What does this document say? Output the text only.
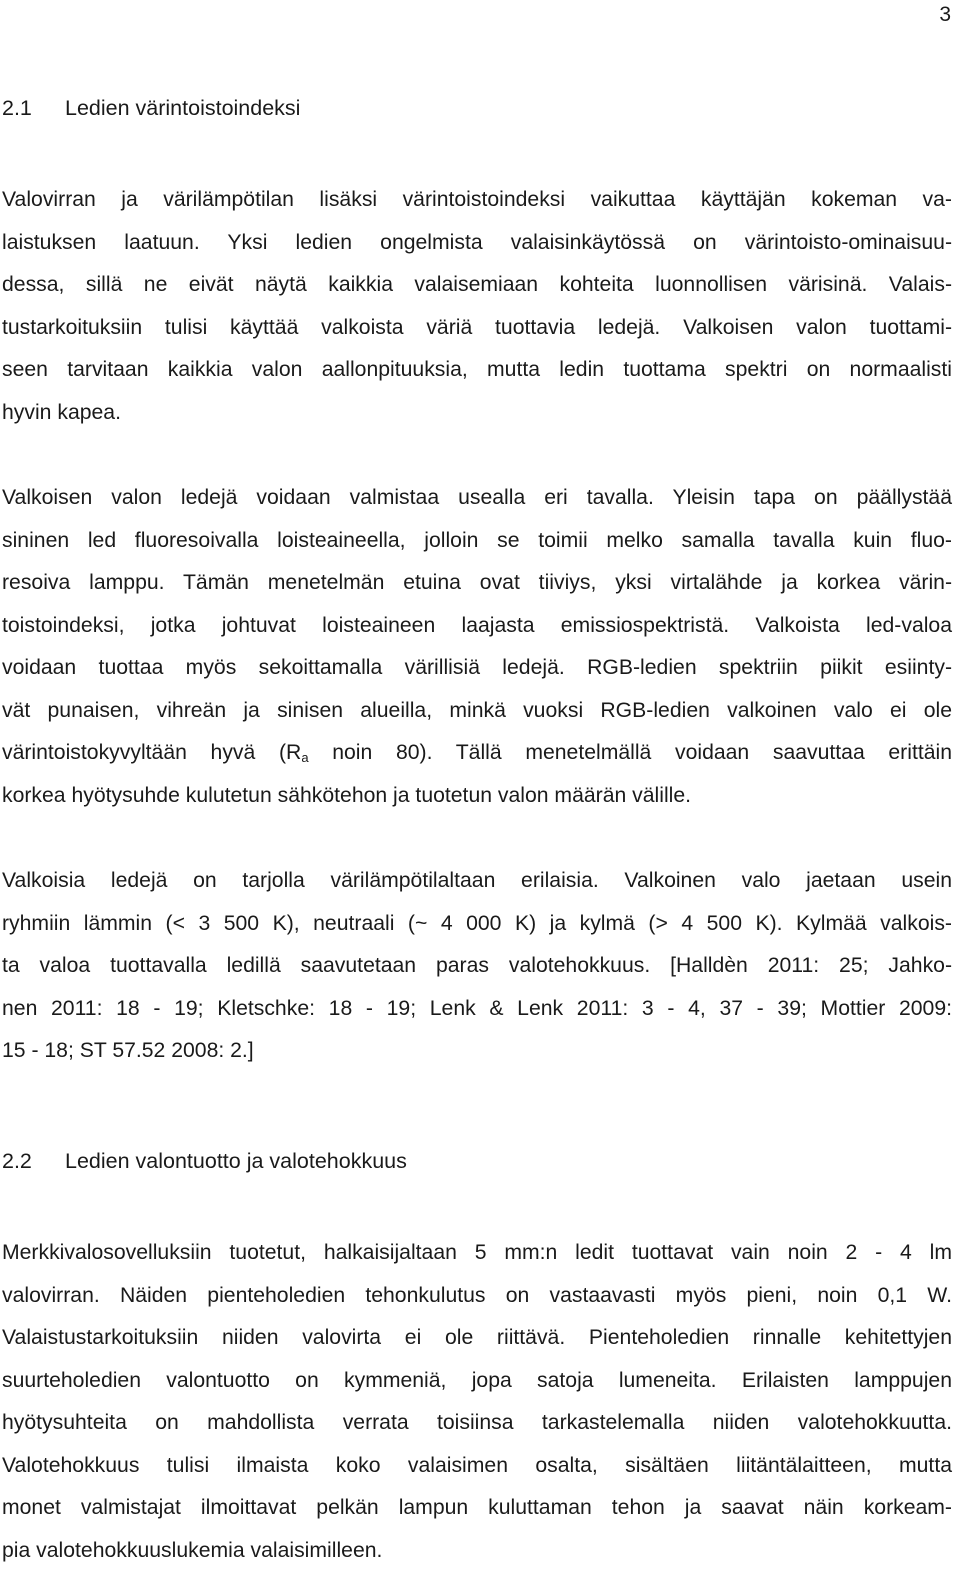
3
2.1 Ledien värintoistoindeksi
Valovirran ja värilämpötilan lisäksi värintoistoindeksi vaikuttaa käyttäjän kokeman va-
laistuksen laatuun. Yksi ledien ongelmista valaisinkäytössä on värintoisto-ominaisuu-
dessa, sillä ne eivät näytä kaikkia valaisemiaan kohteita luonnollisen värisinä. Valais-
tustarkoituksiin tulisi käyttää valkoista väriä tuottavia ledejä. Valkoisen valon tuottami-
seen tarvitaan kaikkia valon aallonpituuksia, mutta ledin tuottama spektri on normaalisti
hyvin kapea.
Valkoisen valon ledejä voidaan valmistaa usealla eri tavalla. Yleisin tapa on päällystää
sininen led fluoresoivalla loisteaineella, jolloin se toimii melko samalla tavalla kuin fluo-
resoiva lamppu. Tämän menetelmän etuina ovat tiiviys, yksi virtalähde ja korkea värin-
toistoindeksi, jotka johtuvat loisteaineen laajasta emissiospektristä. Valkoista led-valoa
voidaan tuottaa myös sekoittamalla värillisiä ledejä. RGB-ledien spektriin piikit esiinty-
vät punaisen, vihreän ja sinisen alueilla, minkä vuoksi RGB-ledien valkoinen valo ei ole
värintoistokyvyltään hyvä ($R_a$ noin 80). Tällä menetelmällä voidaan saavuttaa erittäin
korkea hyötysuhde kulutetun sähkötehon ja tuotetun valon määrän välille.
Valkoisia ledejä on tarjolla värilämpötilaltaan erilaisia. Valkoinen valo jaetaan usein
ryhmiin lämmin (< 3 500 K), neutraali (~ 4 000 K) ja kylmä (> 4 500 K). Kylmää valkois-
ta valoa tuottavalla ledillä saavutetaan paras valotehokkuus. [Halldèn 2011: 25; Jahko-
nen 2011: 18 - 19; Kletschke: 18 - 19; Lenk & Lenk 2011: 3 - 4, 37 - 39; Mottier 2009:
15 - 18; ST 57.52 2008: 2.]
2.2 Ledien valontuotto ja valotehokkuus
Merkkivalosovelluksiin tuotetut, halkaisijaltaan 5 mm:n ledit tuottavat vain noin 2 - 4 lm
valovirran. Näiden pienteholedien tehonkulutus on vastaavasti myös pieni, noin 0,1 W.
Valaistustarkoituksiin niiden valovirta ei ole riittävä. Pienteholedien rinnalle kehitettyjen
suurteholedien valontuotto on kymmeniä, jopa satoja lumeneita. Erilaisten lamppujen
hyötysuhteita on mahdollista verrata toisiinsa tarkastelemalla niiden valotehokkuutta.
Valotehokkuus tulisi ilmaista koko valaisimen osalta, sisältäen liitäntälaitteen, mutta
monet valmistajat ilmoittavat pelkän lampun kuluttaman tehon ja saavat näin korkeam-
pia valotehokkuuslukemia valaisimilleen.
